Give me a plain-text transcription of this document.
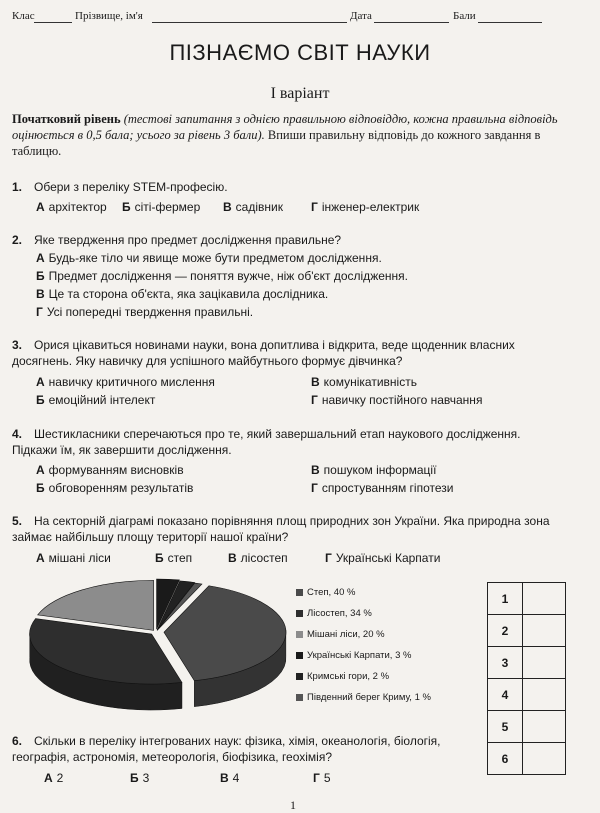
Клас	Прізвище, ім'я	Дата	Бали
ПІЗНАЄМО СВІТ НАУКИ
I варіант
Початковий рівень (тестові запитання з однією правильною відповіддю, кожна правильна відповідь оцінюється в 0,5 бала; усього за рівень 3 бали). Впиши правильну відповідь до кожного завдання в таблицю.
1. Обери з переліку STEM-професію.
А архітектор Б сіті-фермер В садівник Г інженер-електрик
2. Яке твердження про предмет дослідження правильне?
А Будь-яке тіло чи явище може бути предметом дослідження.
Б Предмет дослідження — поняття вужче, ніж об'єкт дослідження.
В Це та сторона об'єкта, яка зацікавила дослідника.
Г Усі попередні твердження правильні.
3. Орися цікавиться новинами науки, вона допитлива і відкрита, веде щоденник власних досягнень. Яку навичку для успішного майбутнього формує дівчинка?
А навичку критичного мислення	В комунікативність
Б емоційний інтелект	Г навичку постійного навчання
4. Шестикласники сперечаються про те, який завершальний етап наукового дослідження. Підкажи їм, як завершити дослідження.
А формуванням висновків	В пошуком інформації
Б обговоренням результатів	Г спростуванням гіпотези
5. На секторній діаграмі показано порівняння площ природних зон України. Яка природна зона займає найбільшу площу території нашої країни?
А мішані ліси	Б степ	В лісостеп	Г Українські Карпати
Степ, 40 %
Лісостеп, 34 %
Мішані ліси, 20 %
Українські Карпати, 3 %
Кримські гори, 2 %
Південний берег Криму, 1 %
1	
2	
3	
4	
5	
6	
6. Скільки в переліку інтегрованих наук: фізика, хімія, океанологія, біологія, географія, астрономія, метеорологія, біофізика, геохімія?
А 2	Б 3	В 4	Г 5
1
